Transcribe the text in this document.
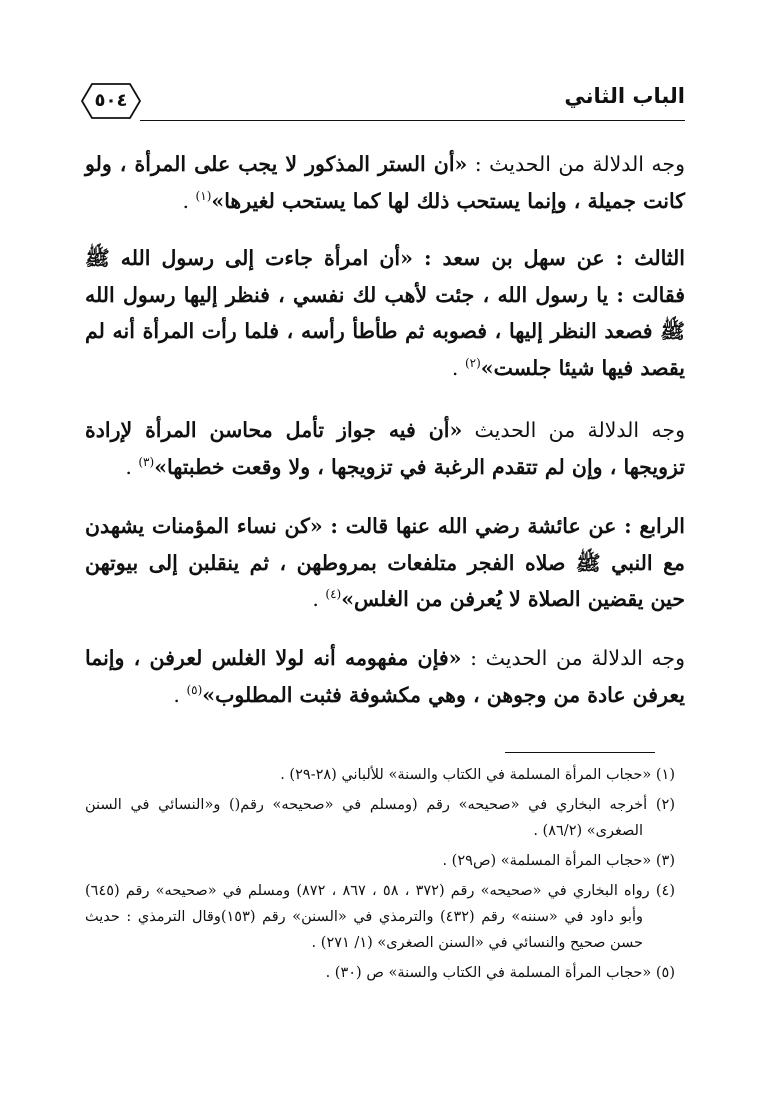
الباب الثاني
٥٠٤

وجه الدلالة من الحديث : «أن الستر المذكور لا يجب على المرأة ، ولو كانت جميلة ، وإنما يستحب ذلك لها كما يستحب لغيرها»$^{(١)}$ .

الثالث : عن سهل بن سعد : «أن امرأة جاءت إلى رسول الله ﷺ فقالت : يا رسول الله ، جئت لأهب لك نفسي ، فنظر إليها رسول الله ﷺ فصعد النظر إليها ، فصوبه ثم طأطأ رأسه ، فلما رأت المرأة أنه لم يقصد فيها شيئا جلست»$^{(٢)}$ .

وجه الدلالة من الحديث «أن فيه جواز تأمل محاسن المرأة لإرادة تزويجها ، وإن لم تتقدم الرغبة في تزويجها ، ولا وقعت خطبتها»$^{(٣)}$ .

الرابع : عن عائشة رضي الله عنها قالت : «كن نساء المؤمنات يشهدن مع النبي ﷺ صلاه الفجر متلفعات بمروطهن ، ثم ينقلبن إلى بيوتهن حين يقضين الصلاة لا يُعرفن من الغلس»$^{(٤)}$ .

وجه الدلالة من الحديث : «فإن مفهومه أنه لولا الغلس لعرفن ، وإنما يعرفن عادة من وجوهن ، وهي مكشوفة فثبت المطلوب»$^{(٥)}$ .

(١) «حجاب المرأة المسلمة في الكتاب والسنة» للألباني (٢٨-٢٩) .

(٢) أخرجه البخاري في «صحيحه» رقم (ومسلم في «صحيحه» رقم() و«النسائي في السنن الصغرى» (٨٦/٢) .

(٣) «حجاب المرأة المسلمة» (ص٢٩) .

(٤) رواه البخاري في «صحيحه» رقم (٣٧٢ ، ٥٨ ، ٨٦٧ ، ٨٧٢) ومسلم في «صحيحه» رقم (٦٤٥) وأبو داود في «سننه» رقم (٤٣٢) والترمذي في «السنن» رقم (١٥٣)وقال الترمذي : حديث حسن صحيح والنسائي في «السنن الصغرى» (١/ ٢٧١) .

(٥) «حجاب المرأة المسلمة في الكتاب والسنة» ص (٣٠) .
